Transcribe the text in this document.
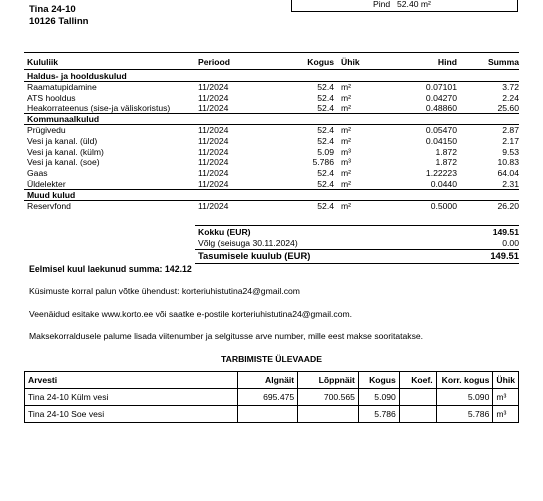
Tina 24-10
10126 Tallinn
Pind 52.40 m²
Kululiik	Periood	Kogus Ühik	Hind	Summa
Haldus- ja hoolduskulud
Raamatupidamine	11/2024	52.4 m²	0.07101	3.72
ATS hooldus	11/2024	52.4 m²	0.04270	2.24
Heakorrateenus (sise-ja väliskoristus)	11/2024	52.4 m²	0.48860	25.60
Kommunaalkulud
Prügivedu	11/2024	52.4 m²	0.05470	2.87
Vesi ja kanal. (üld)	11/2024	52.4 m²	0.04150	2.17
Vesi ja kanal. (külm)	11/2024	5.09 m³	1.872	9.53
Vesi ja kanal. (soe)	11/2024	5.786 m³	1.872	10.83
Gaas	11/2024	52.4 m²	1.22223	64.04
Üldelekter	11/2024	52.4 m²	0.0440	2.31
Muud kulud
Reservfond	11/2024	52.4 m²	0.5000	26.20
Kokku (EUR)	149.51
Võlg (seisuga 30.11.2024)	0.00
Tasumisele kuulub (EUR)	149.51
Eelmisel kuul laekunud summa: 142.12
Küsimuste korral palun võtke ühendust: korteriuhistutina24@gmail.com
Veenäidud esitake www.korto.ee või saatke e-postile korteriuhistutina24@gmail.com.
Maksekorraldusele palume lisada viitenumber ja selgitusse arve number, mille eest makse sooritatakse.
TARBIMISTE ÜLEVAADE
Arvesti	Algnäit	Lõppnäit	Kogus	Koef.	Korr. kogus	Ühik
Tina 24-10 Külm vesi	695.475	700.565	5.090		5.090	m³
Tina 24-10 Soe vesi			5.786		5.786	m³
